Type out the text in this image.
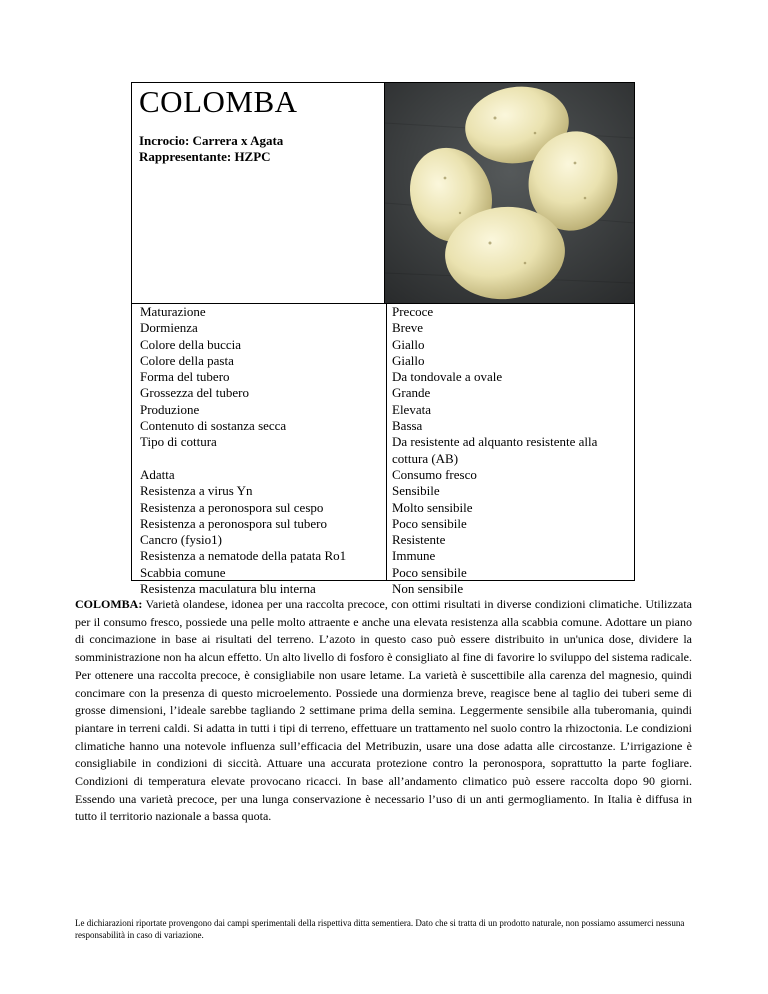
COLOMBA
Incrocio: Carrera x Agata
Rappresentante: HZPC
Maturazione
Dormienza
Colore della buccia
Colore della pasta
Forma del tubero
Grossezza del tubero
Produzione
Contenuto di sostanza secca
Tipo di cottura
Adatta
Resistenza a virus Yn
Resistenza a peronospora sul cespo
Resistenza a peronospora sul tubero
Cancro (fysio1)
Resistenza a nematode della patata Ro1
Scabbia comune
Resistenza maculatura blu interna
Precoce
Breve
Giallo
Giallo
Da tondovale a ovale
Grande
Elevata
Bassa
Da resistente ad alquanto resistente alla cottura (AB)
Consumo fresco
Sensibile
Molto sensibile
Poco sensibile
Resistente
Immune
Poco sensibile
Non sensibile
COLOMBA: Varietà olandese, idonea per una raccolta precoce, con ottimi risultati in diverse condizioni climatiche. Utilizzata per il consumo fresco, possiede una pelle molto attraente e anche una elevata resistenza alla scabbia comune. Adottare un piano di concimazione in base ai risultati del terreno. L’azoto in questo caso può essere distribuito in un'unica dose, dividere la somministrazione non ha alcun effetto. Un alto livello di fosforo è consigliato al fine di favorire lo sviluppo del sistema radicale. Per ottenere una raccolta precoce, è consigliabile non usare letame. La varietà è suscettibile alla carenza del magnesio, quindi concimare con la presenza di questo microelemento. Possiede una dormienza breve, reagisce bene al taglio dei tuberi seme di grosse dimensioni, l’ideale sarebbe tagliando 2 settimane prima della semina. Leggermente sensibile alla tuberomania, quindi piantare in terreni caldi. Si adatta in tutti i tipi di terreno, effettuare un trattamento nel suolo contro la rhizoctonia. Le condizioni climatiche hanno una notevole influenza sull’efficacia del Metribuzin, usare una dose adatta alle circostanze. L’irrigazione è consigliabile in condizioni di siccità. Attuare una accurata protezione contro la peronospora, soprattutto la parte fogliare. Condizioni di temperatura elevate provocano ricacci. In base all’andamento climatico può essere raccolta dopo 90 giorni. Essendo una varietà precoce, per una lunga conservazione è necessario l’uso di un anti germogliamento. In Italia è diffusa in tutto il territorio nazionale a bassa quota.
Le dichiarazioni riportate provengono dai campi sperimentali della rispettiva ditta sementiera. Dato che si tratta di un prodotto naturale, non possiamo assumerci nessuna responsabilità in caso di variazione.
